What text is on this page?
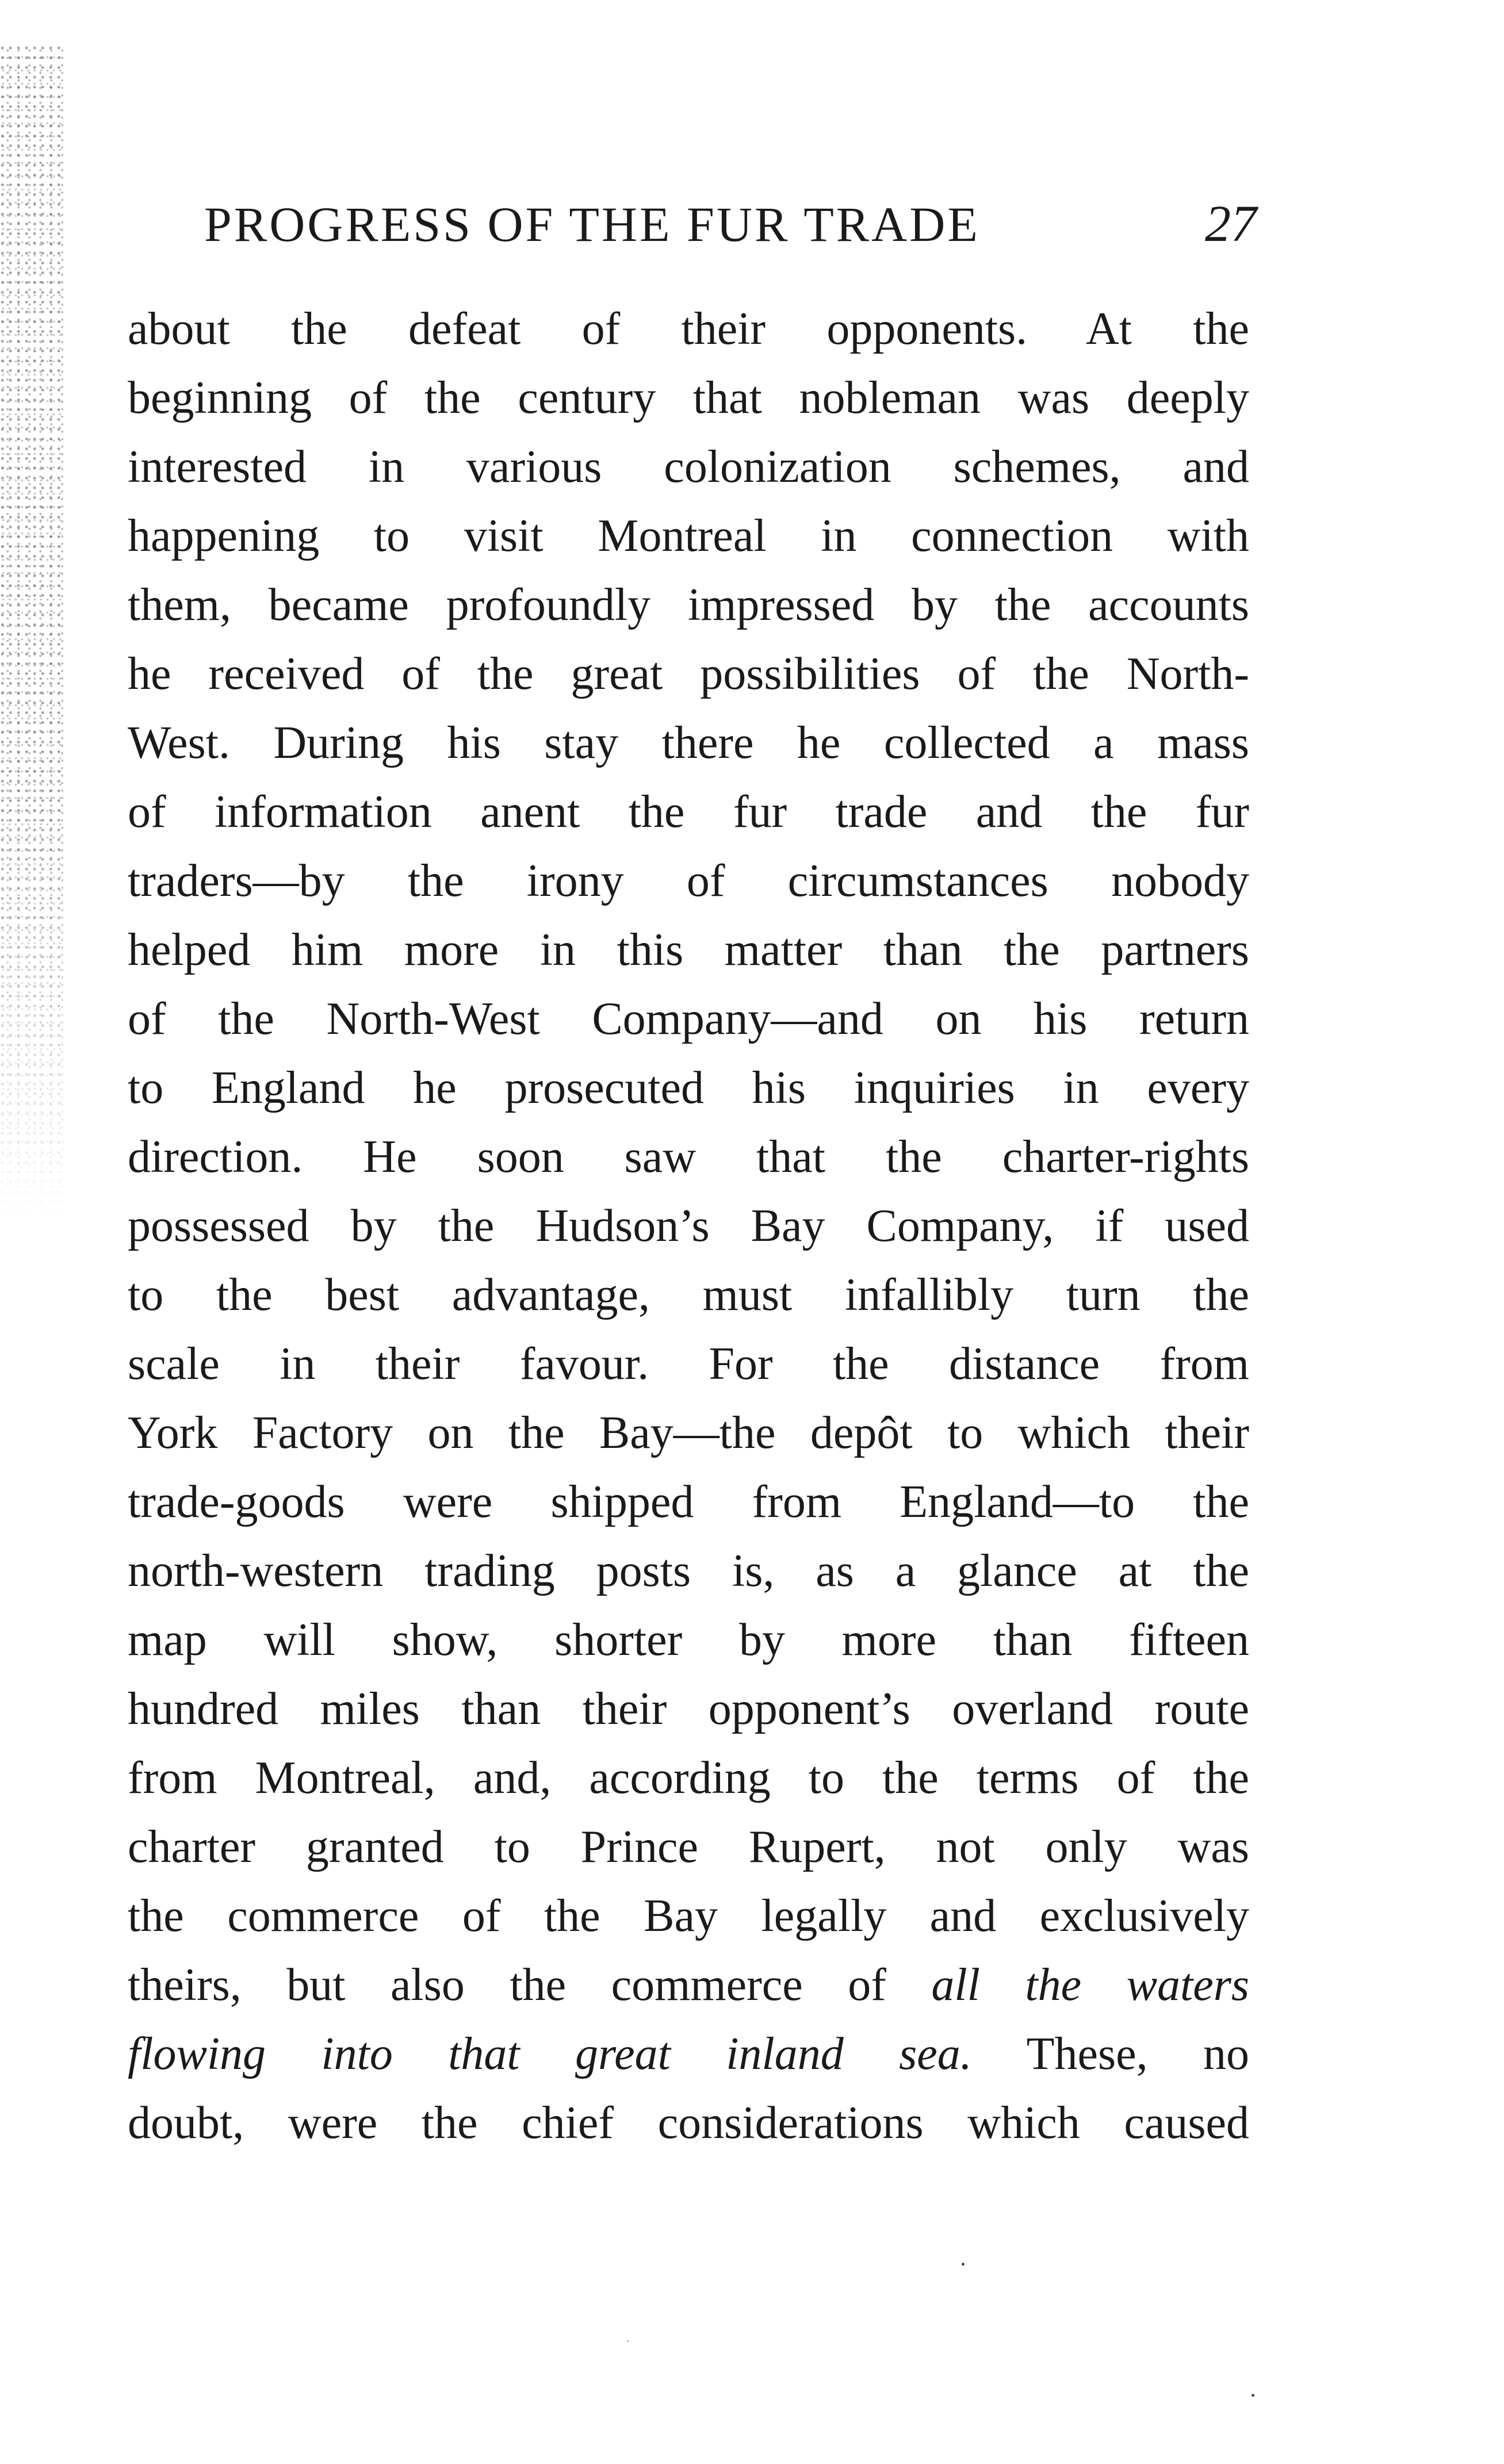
PROGRESS OF THE FUR TRADE	27
about the defeat of their opponents. At the
beginning of the century that nobleman was deeply
interested in various colonization schemes, and
happening to visit Montreal in connection with
them, became profoundly impressed by the accounts
he received of the great possibilities of the North-
West. During his stay there he collected a mass
of information anent the fur trade and the fur
traders—by the irony of circumstances nobody
helped him more in this matter than the partners
of the North-West Company—and on his return
to England he prosecuted his inquiries in every
direction. He soon saw that the charter-rights
possessed by the Hudson’s Bay Company, if used
to the best advantage, must infallibly turn the
scale in their favour. For the distance from
York Factory on the Bay—the depôt to which their
trade-goods were shipped from England—to the
north-western trading posts is, as a glance at the
map will show, shorter by more than fifteen
hundred miles than their opponent’s overland route
from Montreal, and, according to the terms of the
charter granted to Prince Rupert, not only was
the commerce of the Bay legally and exclusively
theirs, but also the commerce of all the waters
flowing into that great inland sea. These, no
doubt, were the chief considerations which caused
